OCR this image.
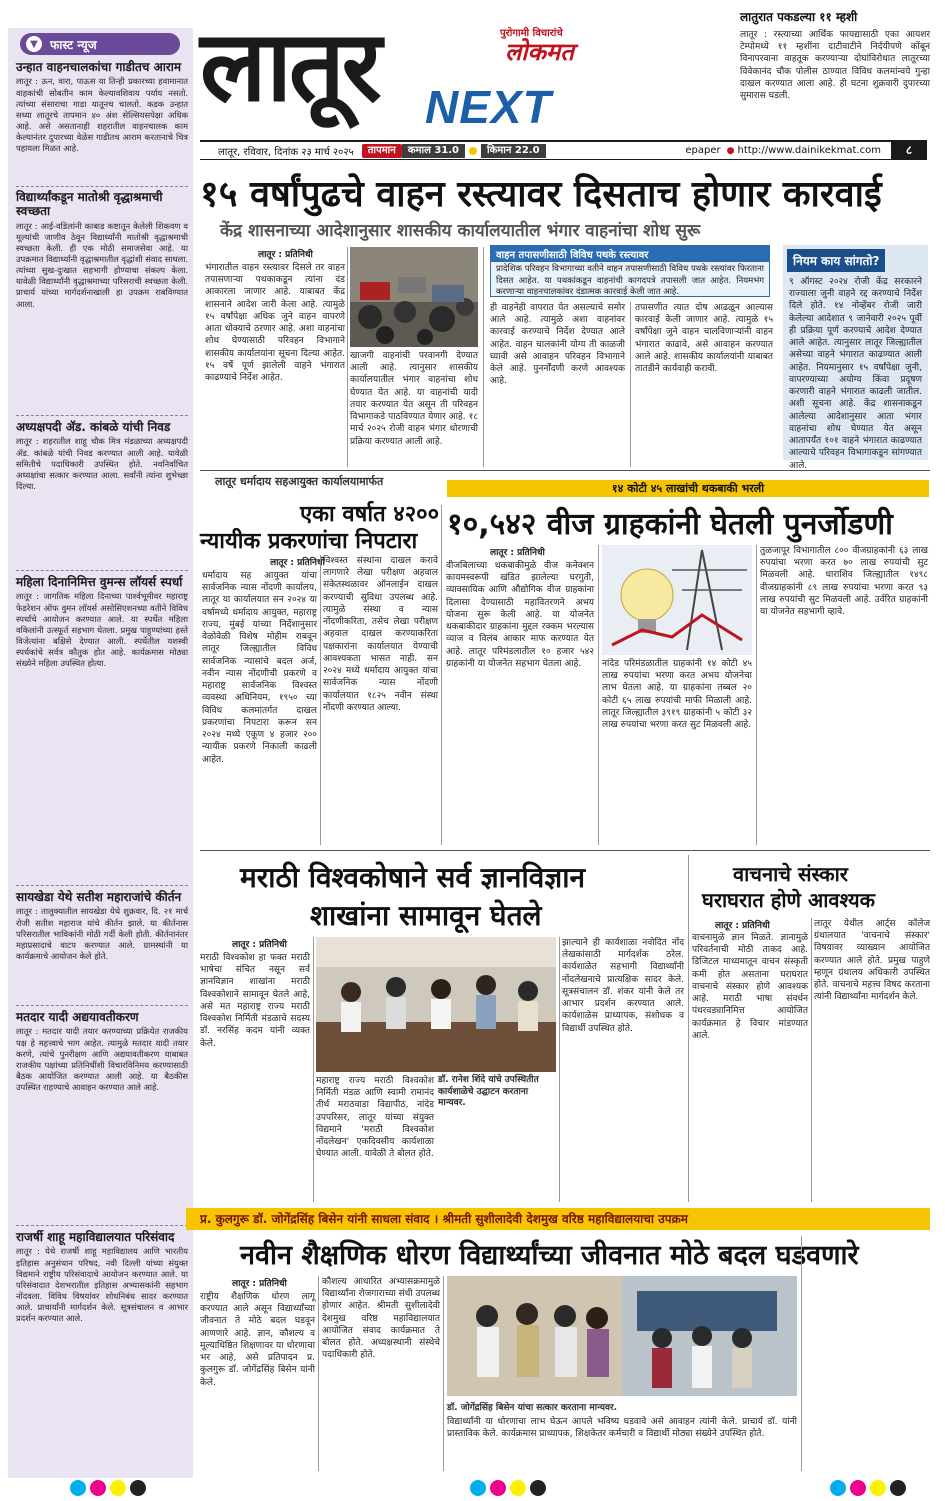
▼	फास्ट न्यूज
उन्हात वाहनचालकांचा गाडीतच आराम
लातूर : ऊन, वारा, पाऊस या तिन्ही प्रकारच्या हवामानात वाहकांची सोबतीन काम केल्यावशिवाय पर्याय नसतो. त्यांच्या संसाराचा गाडा यातूनच चालतो. कडक उन्हात सध्या लातूरचे तापमान ४० अंश सेल्सियसपेक्षा अधिक आहे. असे असतानाही शहरातील वाहनचालक काम केल्यानंतर दुपारच्या वेळेस गाडीतच आराम करतानाचे चित्र पहायला मिळत आहे.
विद्यार्थ्यांकडून मातोश्री वृद्धाश्रमाची स्वच्छता
लातूर : आई-वडिलांनी काबाड कष्टातून केलेली शिकवण व मूल्यांची जाणीव ठेवून विद्यार्थ्यांनी मातोश्री वृद्धाश्रमाची स्वच्छता केली. ही एक मोठी समाजसेवा आहे. या उपक्रमात विद्यार्थ्यांनी वृद्धाश्रमातील वृद्धांशी संवाद साधला. त्यांच्या सुख-दुःखात सहभागी होण्याचा संकल्प केला. यावेळी विद्यार्थ्यांनी वृद्धाश्रमाच्या परिसराची स्वच्छता केली. प्राचार्य यांच्या मार्गदर्शनाखाली हा उपक्रम राबविण्यात आला.
अध्यक्षपदी ॲड. कांबळे यांची निवड
लातूर : शहरातील शाहू चौक मित्र मंडळाच्या अध्यक्षपदी ॲड. कांबळे यांची निवड करण्यात आली आहे. यावेळी समितीचे पदाधिकारी उपस्थित होते. नवनिर्वाचित अध्यक्षांचा सत्कार करण्यात आला. सर्वांनी त्यांना शुभेच्छा दिल्या.
महिला दिनानिमित्त वुमन्स लॉयर्स स्पर्धा
लातूर : जागतिक महिला दिनाच्या पार्श्वभूमीवर महाराष्ट्र फेडरेशन ऑफ वुमन लॉयर्स असोसिएशनच्या वतीने विविध स्पर्धांचे आयोजन करण्यात आले. या स्पर्धेत महिला वकिलांनी उत्स्फूर्त सहभाग घेतला. प्रमुख पाहुण्यांच्या हस्ते विजेत्यांना बक्षिसे देण्यात आली. स्पर्धेतील यशस्वी स्पर्धकांचे सर्वत्र कौतुक होत आहे. कार्यक्रमास मोठ्या संख्येने महिला उपस्थित होत्या.
सायखेडा येथे सतीश महाराजांचे कीर्तन
लातूर : तालुक्यातील सायखेडा येथे शुक्रवार, दि. २१ मार्च रोजी सतीश महाराज यांचे कीर्तन झाले. या कीर्तनास परिसरातील भाविकांनी मोठी गर्दी केली होती. कीर्तनानंतर महाप्रसादाचे वाटप करण्यात आले. ग्रामस्थांनी या कार्यक्रमाचे आयोजन केले होते.
मतदार यादी अद्ययावतीकरण
लातूर : मतदार यादी तयार करण्याच्या प्रक्रियेत राजकीय पक्ष हे महत्त्वाचे भाग आहेत. त्यामुळे मतदार यादी तयार करणे, त्यांचे पुनरीक्षण आणि अद्ययावतीकरण याबाबत राजकीय पक्षांच्या प्रतिनिधींशी विचारविनिमय करण्यासाठी बैठक आयोजित करण्यात आली आहे. या बैठकीस उपस्थित राहण्याचे आवाहन करण्यात आले आहे.
राजर्षी शाहू महाविद्यालयात परिसंवाद
लातूर : येथे राजर्षी शाहू महाविद्यालय आणि भारतीय इतिहास अनुसंधान परिषद, नवी दिल्ली यांच्या संयुक्त विद्यमाने राष्ट्रीय परिसंवादाचे आयोजन करण्यात आले. या परिसंवादात देशभरातील इतिहास अभ्यासकांनी सहभाग नोंदवला. विविध विषयांवर शोधनिबंध सादर करण्यात आले. प्राचार्यांनी मार्गदर्शन केले. सूत्रसंचालन व आभार प्रदर्शन करण्यात आले.
लातूर NEXT
पुरोगामी विचारांचे
लोकमत
लातुरात पकडल्या ११ म्हशी
लातूर : रस्त्याच्या आर्थिक फायद्यासाठी एका आयशर टेम्पोमध्ये ११ म्हशींना दाटीवाटीने निर्दयीपणे कोंबून विनापरवाना वाहतूक करण्याऱ्या दोघांविरोधात लातूरच्या विवेकानंद चौक पोलीस ठाण्यात विविध कलमांन्वये गुन्हा दाखल करण्यात आला आहे. ही घटना शुक्रवारी दुपारच्या सुमारास घडली.
लातूर, रविवार, दिनांक २३ मार्च २०२५	तापमान	कमाल 31.0	किमान 22.0	epaper ● http://www.dainikekmat.com	८
१५ वर्षांपुढचे वाहन रस्त्यावर दिसताच होणार कारवाई
केंद्र शासनाच्या आदेशानुसार शासकीय कार्यालयातील भंगार वाहनांचा शोध सुरू
लातूर : प्रतिनिधी
भंगारातील वाहन रस्त्यावर दिसले तर वाहन तपासणाऱ्या पथकाकडून त्यांना दंड आकारला जाणार आहे. याबाबत केंद्र शासनाने आदेश जारी केला आहे. त्यामुळे १५ वर्षांपेक्षा अधिक जुने वाहन वापरणे आता धोक्याचे ठरणार आहे. अशा वाहनांचा शोध घेण्यासाठी परिवहन विभागाने शासकीय कार्यालयांना सूचना दिल्या आहेत. १५ वर्षे पूर्ण झालेली वाहने भंगारात काढण्याचे निर्देश आहेत.
खाजगी वाहनांची परवानगी देण्यात आली आहे. त्यानुसार शासकीय कार्यालयातील भंगार वाहनांचा शोध घेण्यात येत आहे. या वाहनांची यादी तयार करण्यात येत असून ती परिवहन विभागाकडे पाठविण्यात येणार आहे. १८ मार्च २०२५ रोजी वाहन भंगार धोरणाची प्रक्रिया करण्यात आली आहे.
वाहन तपासणीसाठी विविध पथके रस्त्यावर
प्रादेशिक परिवहन विभागाच्या वतीने वाहन तपासणीसाठी विविध पथके रस्त्यांवर फिरताना दिसत आहेत. या पथकांकडून वाहनांची कागदपत्रे तपासली जात आहेत. नियमभंग करणाऱ्या वाहनचालकांवर दंडात्मक कारवाई केली जात आहे.
ही वाहनेही वापरात येत असल्याचे समोर आले आहे. त्यामुळे अशा वाहनांवर कारवाई करण्याचे निर्देश देण्यात आले आहेत. वाहन चालकांनी योग्य ती काळजी घ्यावी असे आवाहन परिवहन विभागाने केले आहे. पुनर्नोंदणी करणे आवश्यक आहे.
तपासणीत त्यात दोष आढळून आल्यास कारवाई केली जाणार आहे. त्यामुळे १५ वर्षांपेक्षा जुने वाहन चालविणाऱ्यांनी वाहन भंगारात काढावे, असे आवाहन करण्यात आले आहे. शासकीय कार्यालयांनी याबाबत तातडीने कार्यवाही करावी.
नियम काय सांगतो?
९ ऑगस्ट २०२४ रोजी केंद्र सरकारने राज्याला जुनी वाहने रद्द करण्याचे निर्देश दिले होते. १४ नोव्हेंबर रोजी जारी केलेल्या आदेशात ९ जानेवारी २०२५ पूर्वी ही प्रक्रिया पूर्ण करण्याचे आदेश देण्यात आले आहेत. त्यानुसार लातूर जिल्ह्यातील असेच्या वाहने भंगारात काढण्यात आली आहेत. नियमानुसार १५ वर्षांपेक्षा जुनी, वापरण्याच्या अयोग्य किंवा प्रदूषण करणारी वाहने भंगारात काढली जातील. अशी सूचना आहे. केंद्र शासनाकडून आलेल्या आदेशानुसार आता भंगार वाहनांचा शोध घेण्यात येत असून आतापर्यंत १०१ वाहने भंगारात काढण्यात आल्याचे परिवहन विभागाकडून सांगण्यात आले.
लातूर धर्मादाय सहआयुक्त कार्यालयामार्फत
एका वर्षात ४२००
न्यायीक प्रकरणांचा निपटारा
लातूर : प्रतिनिधी
धर्मादाय सह आयुक्त यांचा सार्वजनिक न्यास नोंदणी कार्यालय, लातूर या कार्यालयात सन २०२४ या वर्षामध्ये धर्मादाय आयुक्त, महाराष्ट्र राज्य, मुंबई यांच्या निर्देशानुसार वेळोवेळी विशेष मोहीम राबवून लातूर जिल्ह्यातील विविध सार्वजनिक न्यासांचे बदल अर्ज, नवीन न्यास नोंदणीची प्रकरणे व महाराष्ट्र सार्वजनिक विश्वस्त व्यवस्था अधिनियम, १९५० च्या विविध कलमांतर्गत दाखल प्रकरणांचा निपटारा करून सन २०२४ मध्ये एकूण ४ हजार २०० न्यायीक प्रकरणे निकाली काढली आहेत.
विश्वस्त संस्थांना दाखल करावे लागणारे लेखा परीक्षण अहवाल संकेतस्थळावर ऑनलाईन दाखल करण्याची सुविधा उपलब्ध आहे. त्यामुळे संस्था व न्यास नोंदणीकरिता, तसेच लेखा परीक्षण अहवाल दाखल करण्याकरिता पक्षकारांना कार्यालयात येण्याची आवश्यकता भासत नाही. सन २०२४ मध्ये धर्मादाय आयुक्त यांचा सार्वजनिक न्यास नोंदणी कार्यालयात १८२५ नवीन संस्था नोंदणी करण्यात आल्या.
१४ कोटी ४५ लाखांची थकबाकी भरली
१०,५४२ वीज ग्राहकांनी घेतली पुनर्जोडणी
लातूर : प्रतिनिधी
वीजबिलाच्या थकबाकीमुळे वीज कनेक्शन कायमस्वरूपी खंडित झालेल्या घरगुती, व्यावसायिक आणि औद्योगिक वीज ग्राहकांना दिलासा देण्यासाठी महावितरणने अभय योजना सुरू केली आहे. या योजनेत थकबाकीदार ग्राहकांना मुद्दल रक्कम भरल्यास व्याज व विलंब आकार माफ करण्यात येत आहे. लातूर परिमंडलातील १० हजार ५४२ ग्राहकांनी या योजनेत सहभाग घेतला आहे.	नांदेड परिमंडळातील ग्राहकांनी १४ कोटी ४५ लाख रुपयांचा भरणा करत अभय योजनेचा लाभ घेतला आहे. या ग्राहकांना तब्बल २० कोटी ६५ लाख रुपयांची माफी मिळाली आहे. लातूर जिल्ह्यातील ३९१९ ग्राहकांनी ५ कोटी ३२ लाख रुपयांचा भरणा करत सुट मिळवली आहे.
तुळजापूर विभागातील ८०० वीजग्राहकांनी ६३ लाख रुपयांचा भरणा करत ७० लाख रुपयांची सुट मिळवली आहे. धाराशिव जिल्ह्यातील १४९८ वीजग्राहकांनी ८९ लाख रुपयांचा भरणा करत ९३ लाख रुपयांची सुट मिळवली आहे. उर्वरित ग्राहकांनी या योजनेत सहभागी व्हावे.
मराठी विश्वकोषाने सर्व ज्ञानविज्ञान
शाखांना सामावून घेतले
लातूर : प्रतिनिधी
मराठी विश्वकोश हा फक्त मराठी भाषेचा संचित नसून सर्व ज्ञानविज्ञान शाखांना मराठी विश्वकोशाने सामावून घेतले आहे, असे मत महाराष्ट्र राज्य मराठी विश्वकोश निर्मिती मंडळाचे सदस्य डॉ. नरसिंह कदम यांनी व्यक्त केले.
महाराष्ट्र राज्य मराठी विश्वकोश निर्मिती मंडळ आणि स्वामी रामानंद तीर्थ मराठवाडा विद्यापीठ, नांदेड उपपरिसर, लातूर यांच्या संयुक्त विद्यमाने 'मराठी विश्वकोश नोंदलेखन' एकदिवसीय कार्यशाळा घेण्यात आली. यावेळी ते बोलत होते.
डॉ. रानेश शिंदे यांचे उपस्थितीत कार्यशाळेचे उद्घाटन करताना मान्यवर.
झाल्याने ही कार्यशाळा नवोदित नोंद लेखकांसाठी मार्गदर्शक ठरेल. कार्यशाळेत सहभागी विद्यार्थ्यांनी नोंदलेखनाचे प्रात्यक्षिक सादर केले. सूत्रसंचालन डॉ. शंकर यांनी केले तर आभार प्रदर्शन करण्यात आले. कार्यशाळेस प्राध्यापक, संशोधक व विद्यार्थी उपस्थित होते.
वाचनाचे संस्कार
घराघरात होणे आवश्यक
लातूर : प्रतिनिधी
वाचनामुळे ज्ञान मिळते. ज्ञानामुळे परिवर्तनाची मोठी ताकद आहे. डिजिटल माध्यमातून वाचन संस्कृती कमी होत असताना घराघरात वाचनाचे संस्कार होणे आवश्यक आहे. मराठी भाषा संवर्धन पंधरवड्यानिमित्त आयोजित कार्यक्रमात हे विचार मांडण्यात आले.
लातूर येथील आर्ट्स कॉलेज ग्रंथालयात 'वाचनाचे संस्कार' विषयावर व्याख्यान आयोजित करण्यात आले होते. प्रमुख पाहुणे म्हणून ग्रंथालय अधिकारी उपस्थित होते. वाचनाचे महत्त्व विषद करताना त्यांनी विद्यार्थ्यांना मार्गदर्शन केले.
प्र. कुलगुरू डॉ. जोगेंद्रसिंह बिसेन यांनी साधला संवाद । श्रीमती सुशीलादेवी देशमुख वरिष्ठ महाविद्यालयाचा उपक्रम
नवीन शैक्षणिक धोरण विद्यार्थ्यांच्या जीवनात मोठे बदल घडवणारे
लातूर : प्रतिनिधी
राष्ट्रीय शैक्षणिक धोरण लागू करण्यात आले असून विद्यार्थ्यांच्या जीवनात ते मोठे बदल घडवून आणणारे आहे. ज्ञान, कौशल्य व मूल्याधिष्ठित शिक्षणावर या धोरणाचा भर आहे, असे प्रतिपादन प्र. कुलगुरू डॉ. जोगेंद्रसिंह बिसेन यांनी केले.
कौशल्य आधारित अभ्यासक्रमामुळे विद्यार्थ्यांना रोजगाराच्या संधी उपलब्ध होणार आहेत. श्रीमती सुशीलादेवी देशमुख वरिष्ठ महाविद्यालयात आयोजित संवाद कार्यक्रमात ते बोलत होते. अध्यक्षस्थानी संस्थेचे पदाधिकारी होते.
डॉ. जोगेंद्रसिंह बिसेन यांचा सत्कार करताना मान्यवर.
विद्यार्थ्यांनी या धोरणाचा लाभ घेऊन आपले भविष्य घडवावे असे आवाहन त्यांनी केले. प्राचार्य डॉ. यांनी प्रास्ताविक केले. कार्यक्रमास प्राध्यापक, शिक्षकेतर कर्मचारी व विद्यार्थी मोठ्या संख्येने उपस्थित होते.
